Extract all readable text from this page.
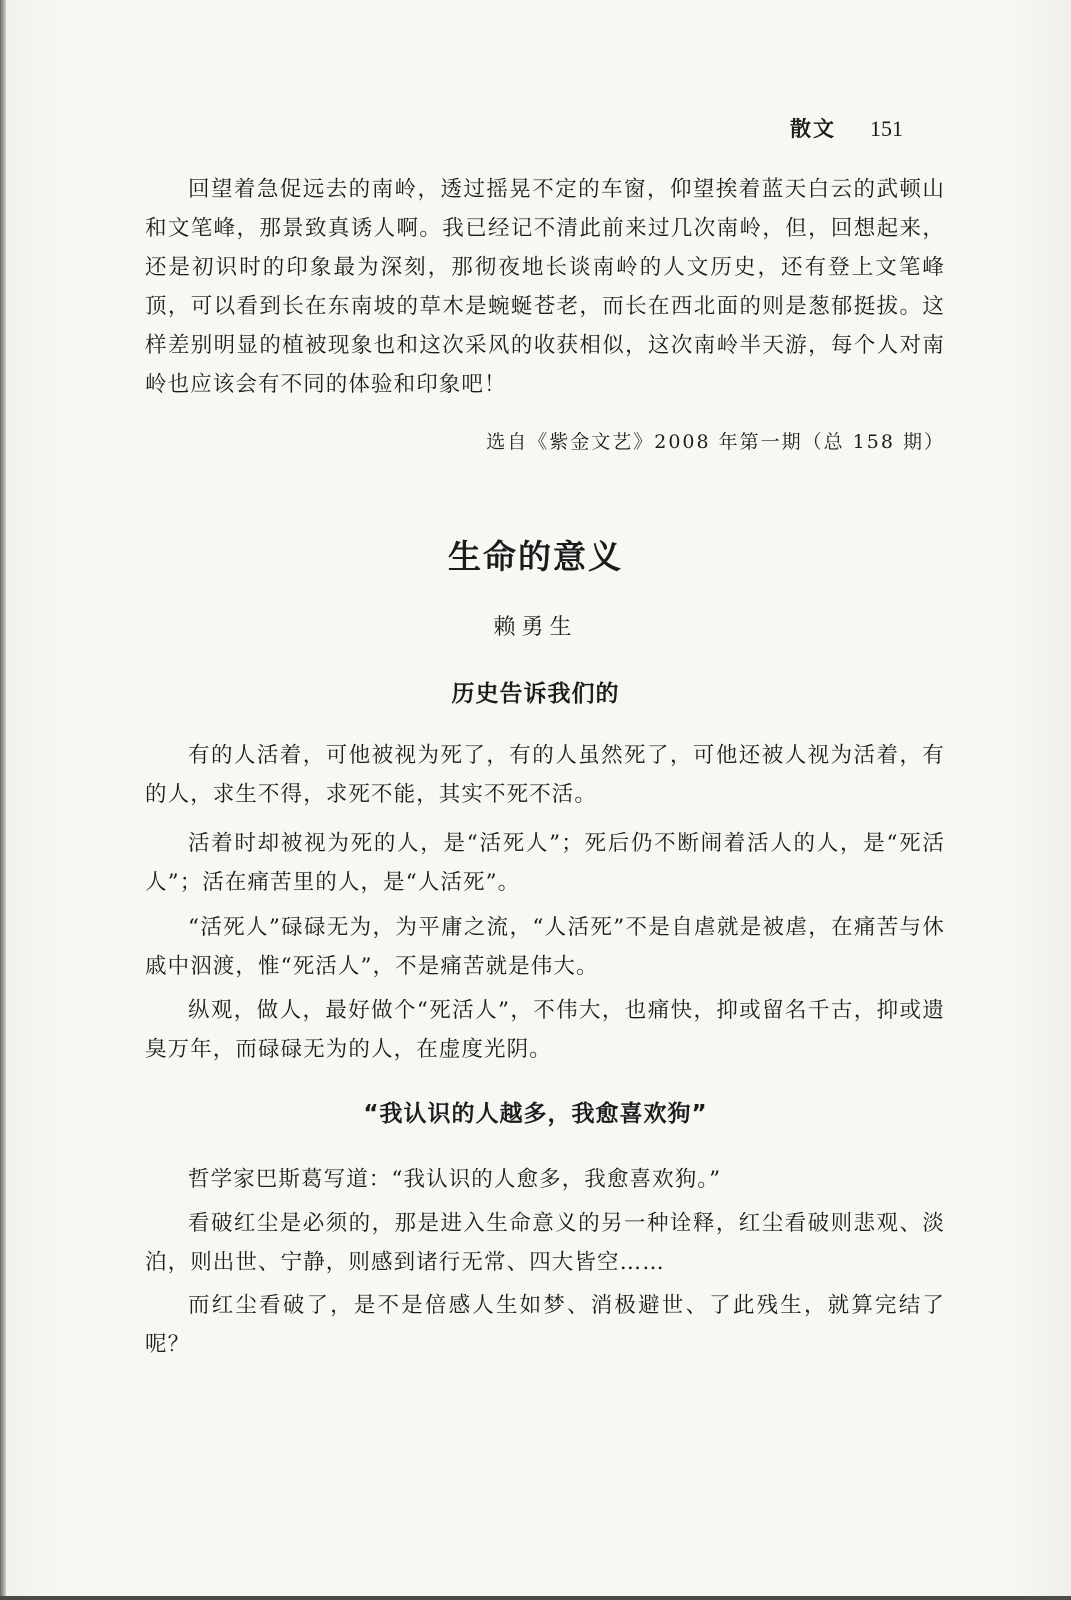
散文 151

回望着急促远去的南岭，透过摇晃不定的车窗，仰望挨着蓝天白云的武顿山和文笔峰，那景致真诱人啊。我已经记不清此前来过几次南岭，但，回想起来，还是初识时的印象最为深刻，那彻夜地长谈南岭的人文历史，还有登上文笔峰顶，可以看到长在东南坡的草木是蜿蜒苍老，而长在西北面的则是葱郁挺拔。这样差别明显的植被现象也和这次采风的收获相似，这次南岭半天游，每个人对南岭也应该会有不同的体验和印象吧！

选自《紫金文艺》2008 年第一期（总 158 期）
生命的意义
赖勇生
历史告诉我们的

有的人活着，可他被视为死了，有的人虽然死了，可他还被人视为活着，有的人，求生不得，求死不能，其实不死不活。

活着时却被视为死的人，是“活死人”；死后仍不断闹着活人的人，是“死活人”；活在痛苦里的人，是“人活死”。

“活死人”碌碌无为，为平庸之流，“人活死”不是自虐就是被虐，在痛苦与休戚中泅渡，惟“死活人”，不是痛苦就是伟大。

纵观，做人，最好做个“死活人”，不伟大，也痛快，抑或留名千古，抑或遗臭万年，而碌碌无为的人，在虚度光阴。

“我认识的人越多，我愈喜欢狗”

哲学家巴斯葛写道：“我认识的人愈多，我愈喜欢狗。”

看破红尘是必须的，那是进入生命意义的另一种诠释，红尘看破则悲观、淡泊，则出世、宁静，则感到诸行无常、四大皆空……

而红尘看破了，是不是倍感人生如梦、消极避世、了此残生，就算完结了呢？
